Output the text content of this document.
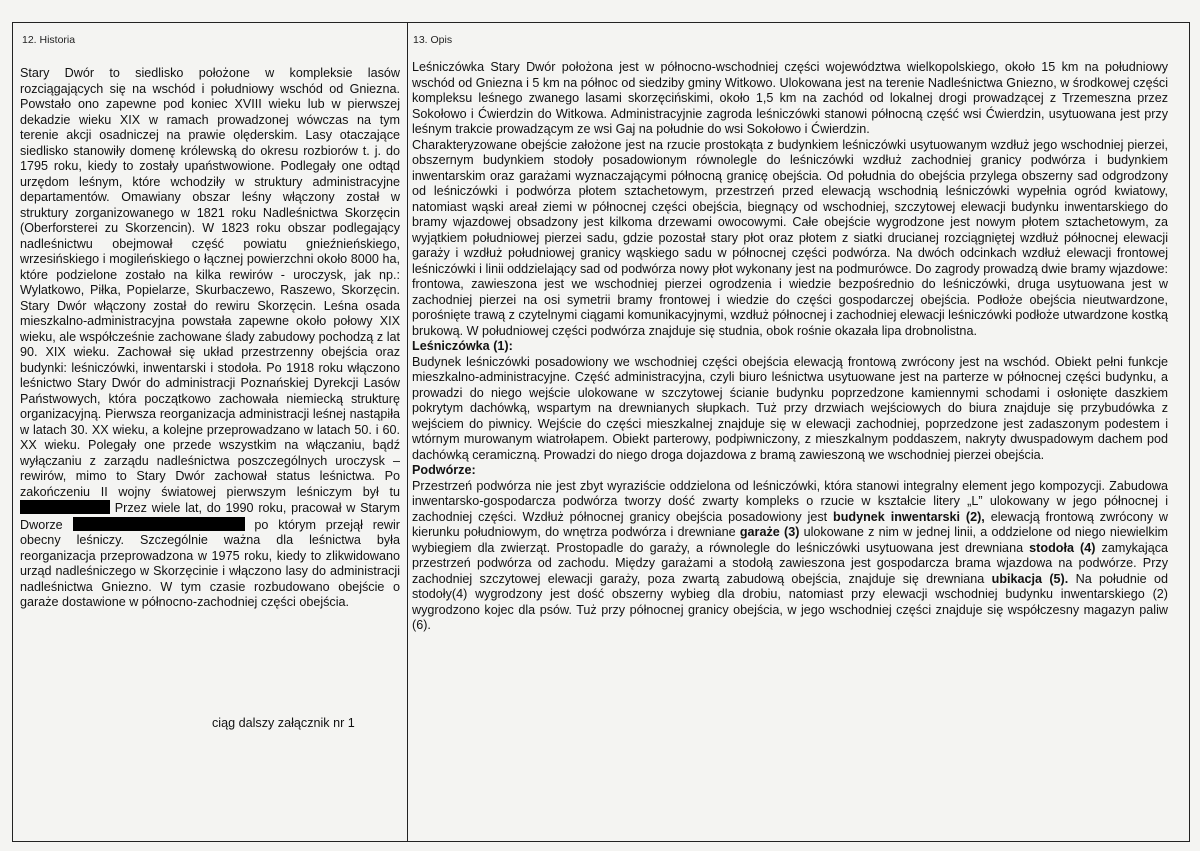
12. Historia	13. Opis

Stary Dwór to siedlisko położone w kompleksie lasów rozciągających się na wschód i południowy wschód od Gniezna. Powstało ono zapewne pod koniec XVIII wieku lub w pierwszej dekadzie wieku XIX w ramach prowadzonej wówczas na tym terenie akcji osadniczej na prawie olęderskim. Lasy otaczające siedlisko stanowiły domenę królewską do okresu rozbiorów t. j. do 1795 roku, kiedy to zostały upaństwowione. Podlegały one odtąd urzędom leśnym, które wchodziły w struktury administracyjne departamentów. Omawiany obszar leśny włączony został w struktury zorganizowanego w 1821 roku Nadleśnictwa Skorzęcin (Oberforsterei zu Skorzencin). W 1823 roku obszar podlegający nadleśnictwu obejmował część powiatu gnieźnieńskiego, wrzesińskiego i mogileńskiego o łącznej powierzchni około 8000 ha, które podzielone zostało na kilka rewirów - uroczysk, jak np.: Wylatkowo, Piłka, Popielarze, Skurbaczewo, Raszewo, Skorzęcin. Stary Dwór włączony został do rewiru Skorzęcin. Leśna osada mieszkalno-administracyjna powstała zapewne około połowy XIX wieku, ale współcześnie zachowane ślady zabudowy pochodzą z lat 90. XIX wieku. Zachował się układ przestrzenny obejścia oraz budynki: leśniczówki, inwentarski i stodoła. Po 1918 roku włączono leśnictwo Stary Dwór do administracji Poznańskiej Dyrekcji Lasów Państwowych, która początkowo zachowała niemiecką strukturę organizacyjną. Pierwsza reorganizacja administracji leśnej nastąpiła w latach 30. XX wieku, a kolejne przeprowadzano w latach 50. i 60. XX wieku. Polegały one przede wszystkim na włączaniu, bądź wyłączaniu z zarządu nadleśnictwa poszczególnych uroczysk – rewirów, mimo to Stary Dwór zachował status leśnictwa. Po zakończeniu II wojny światowej pierwszym leśniczym był tu  Przez wiele lat, do 1990 roku, pracował w Starym Dworze	po którym przejął rewir obecny leśniczy. Szczególnie ważna dla leśnictwa była reorganizacja przeprowadzona w 1975 roku, kiedy to zlikwidowano urząd nadleśniczego w Skorzęcinie i włączono lasy do administracji nadleśnictwa Gniezno. W tym czasie rozbudowano obejście o garaże dostawione w północno-zachodniej części obejścia.

ciąg dalszy załącznik nr 1

Leśniczówka Stary Dwór położona jest w północno-wschodniej części województwa wielkopolskiego, około 15 km na południowy wschód od Gniezna i 5 km na północ od siedziby gminy Witkowo. Ulokowana jest na terenie Nadleśnictwa Gniezno, w środkowej części kompleksu leśnego zwanego lasami skorzęcińskimi, około 1,5 km na zachód od lokalnej drogi prowadzącej z Trzemeszna przez Sokołowo i Ćwierdzin do Witkowa. Administracyjnie zagroda leśniczówki stanowi północną część wsi Ćwierdzin, usytuowana jest przy leśnym trakcie prowadzącym ze wsi Gaj na południe do wsi Sokołowo i Ćwierdzin.

Charakteryzowane obejście założone jest na rzucie prostokąta z budynkiem leśniczówki usytuowanym wzdłuż jego wschodniej pierzei, obszernym budynkiem stodoły posadowionym równolegle do leśniczówki wzdłuż zachodniej granicy podwórza i budynkiem inwentarskim oraz garażami wyznaczającymi północną granicę obejścia. Od południa do obejścia przylega obszerny sad odgrodzony od leśniczówki i podwórza płotem sztachetowym, przestrzeń przed elewacją wschodnią leśniczówki wypełnia ogród kwiatowy, natomiast wąski areał ziemi w północnej części obejścia, biegnący od wschodniej, szczytowej elewacji budynku inwentarskiego do bramy wjazdowej obsadzony jest kilkoma drzewami owocowymi. Całe obejście wygrodzone jest nowym płotem sztachetowym, za wyjątkiem południowej pierzei sadu, gdzie pozostał stary płot oraz płotem z siatki drucianej rozciągniętej wzdłuż północnej elewacji garaży i wzdłuż południowej granicy wąskiego sadu w północnej części podwórza. Na dwóch odcinkach wzdłuż elewacji frontowej leśniczówki i linii oddzielający sad od podwórza nowy płot wykonany jest na podmurówce. Do zagrody prowadzą dwie bramy wjazdowe: frontowa, zawieszona jest we wschodniej pierzei ogrodzenia i wiedzie bezpośrednio do leśniczówki, druga usytuowana jest w zachodniej pierzei na osi symetrii bramy frontowej i wiedzie do części gospodarczej obejścia. Podłoże obejścia nieutwardzone, porośnięte trawą z czytelnymi ciągami komunikacyjnymi, wzdłuż północnej i zachodniej elewacji leśniczówki podłoże utwardzone kostką brukową. W południowej części podwórza znajduje się studnia, obok rośnie okazała lipa drobnolistna.

Leśniczówka (1):

Budynek leśniczówki posadowiony we wschodniej części obejścia elewacją frontową zwrócony jest na wschód. Obiekt pełni funkcje mieszkalno-administracyjne. Część administracyjna, czyli biuro leśnictwa usytuowane jest na parterze w północnej części budynku, a prowadzi do niego wejście ulokowane w szczytowej ścianie budynku poprzedzone kamiennymi schodami i osłonięte daszkiem pokrytym dachówką, wspartym na drewnianych słupkach. Tuż przy drzwiach wejściowych do biura znajduje się przybudówka z wejściem do piwnicy. Wejście do części mieszkalnej znajduje się w elewacji zachodniej, poprzedzone jest zadaszonym podestem i wtórnym murowanym wiatrołapem. Obiekt parterowy, podpiwniczony, z mieszkalnym poddaszem, nakryty dwuspadowym dachem pod dachówką ceramiczną. Prowadzi do niego droga dojazdowa z bramą zawieszoną we wschodniej pierzei obejścia.

Podwórze:

Przestrzeń podwórza nie jest zbyt wyraziście oddzielona od leśniczówki, która stanowi integralny element jego kompozycji. Zabudowa inwentarsko-gospodarcza podwórza tworzy dość zwarty kompleks o rzucie w kształcie litery „L” ulokowany w jego północnej i zachodniej części. Wzdłuż północnej granicy obejścia posadowiony jest budynek inwentarski (2), elewacją frontową zwrócony w kierunku południowym, do wnętrza podwórza i drewniane garaże (3) ulokowane z nim w jednej linii, a oddzielone od niego niewielkim wybiegiem dla zwierząt. Prostopadle do garaży, a równolegle do leśniczówki usytuowana jest drewniana stodoła (4) zamykająca przestrzeń podwórza od zachodu. Między garażami a stodołą zawieszona jest gospodarcza brama wjazdowa na podwórze. Przy zachodniej szczytowej elewacji garaży, poza zwartą zabudową obejścia, znajduje się drewniana ubikacja (5). Na południe od stodoły(4) wygrodzony jest dość obszerny wybieg dla drobiu, natomiast przy elewacji wschodniej budynku inwentarskiego (2) wygrodzono kojec dla psów. Tuż przy północnej granicy obejścia, w jego wschodniej części znajduje się współczesny magazyn paliw (6).
